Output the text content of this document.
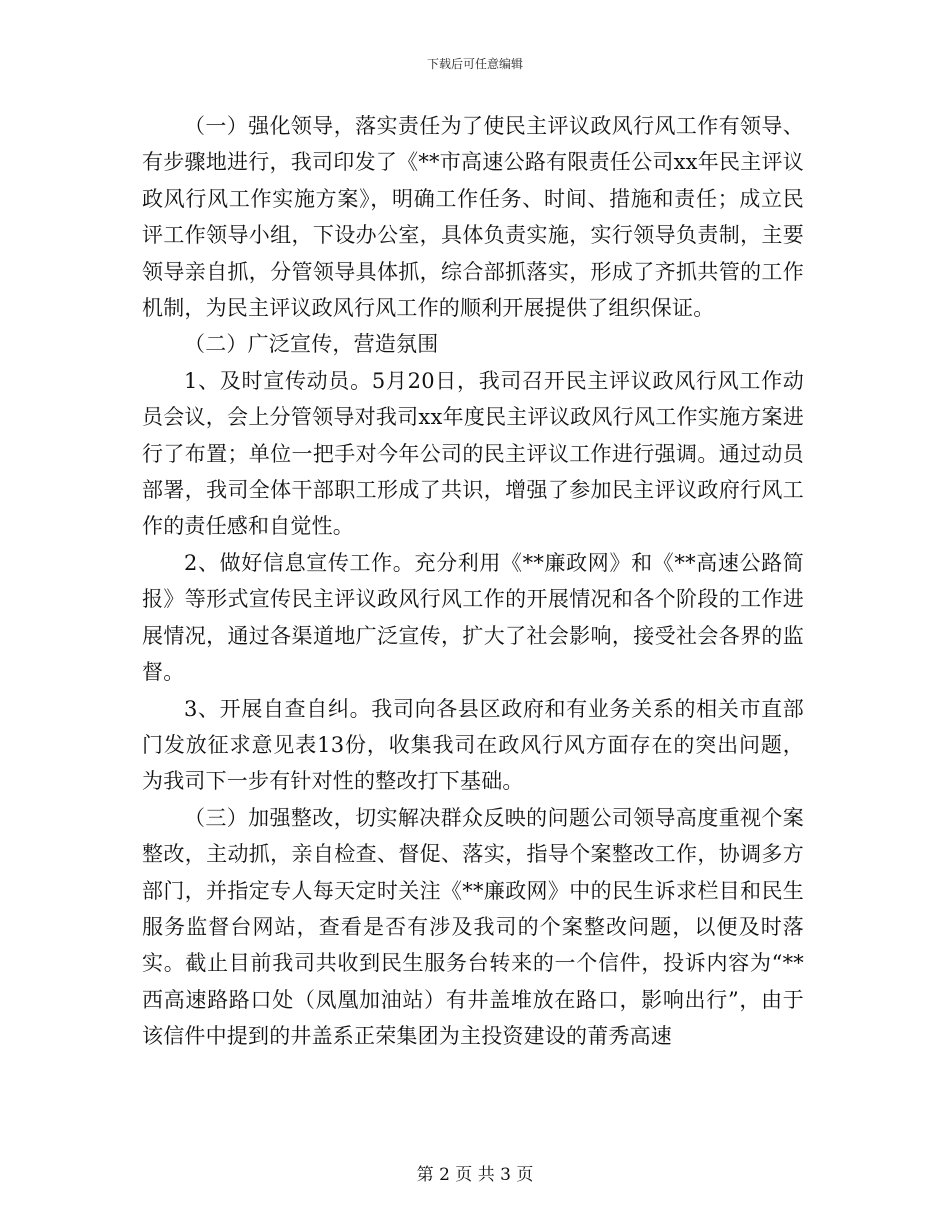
下载后可任意编辑

（一）强化领导，落实责任为了使民主评议政风行风工作有领导、有步骤地进行，我司印发了《**市高速公路有限责任公司xx年民主评议政风行风工作实施方案》，明确工作任务、时间、措施和责任；成立民评工作领导小组，下设办公室，具体负责实施，实行领导负责制，主要领导亲自抓，分管领导具体抓，综合部抓落实，形成了齐抓共管的工作机制，为民主评议政风行风工作的顺利开展提供了组织保证。

（二）广泛宣传，营造氛围

1、及时宣传动员。5月20日，我司召开民主评议政风行风工作动员会议，会上分管领导对我司xx年度民主评议政风行风工作实施方案进行了布置；单位一把手对今年公司的民主评议工作进行强调。通过动员部署，我司全体干部职工形成了共识，增强了参加民主评议政府行风工作的责任感和自觉性。

2、做好信息宣传工作。充分利用《**廉政网》和《**高速公路简报》等形式宣传民主评议政风行风工作的开展情况和各个阶段的工作进展情况，通过各渠道地广泛宣传，扩大了社会影响，接受社会各界的监督。

3、开展自查自纠。我司向各县区政府和有业务关系的相关市直部门发放征求意见表13份，收集我司在政风行风方面存在的突出问题，为我司下一步有针对性的整改打下基础。

（三）加强整改，切实解决群众反映的问题公司领导高度重视个案整改，主动抓，亲自检查、督促、落实，指导个案整改工作，协调多方部门，并指定专人每天定时关注《**廉政网》中的民生诉求栏目和民生服务监督台网站，查看是否有涉及我司的个案整改问题，以便及时落实。截止目前我司共收到民生服务台转来的一个信件，投诉内容为“**西高速路路口处（凤凰加油站）有井盖堆放在路口，影响出行”，由于该信件中提到的井盖系正荣集团为主投资建设的莆秀高速

第 2 页 共 3 页
